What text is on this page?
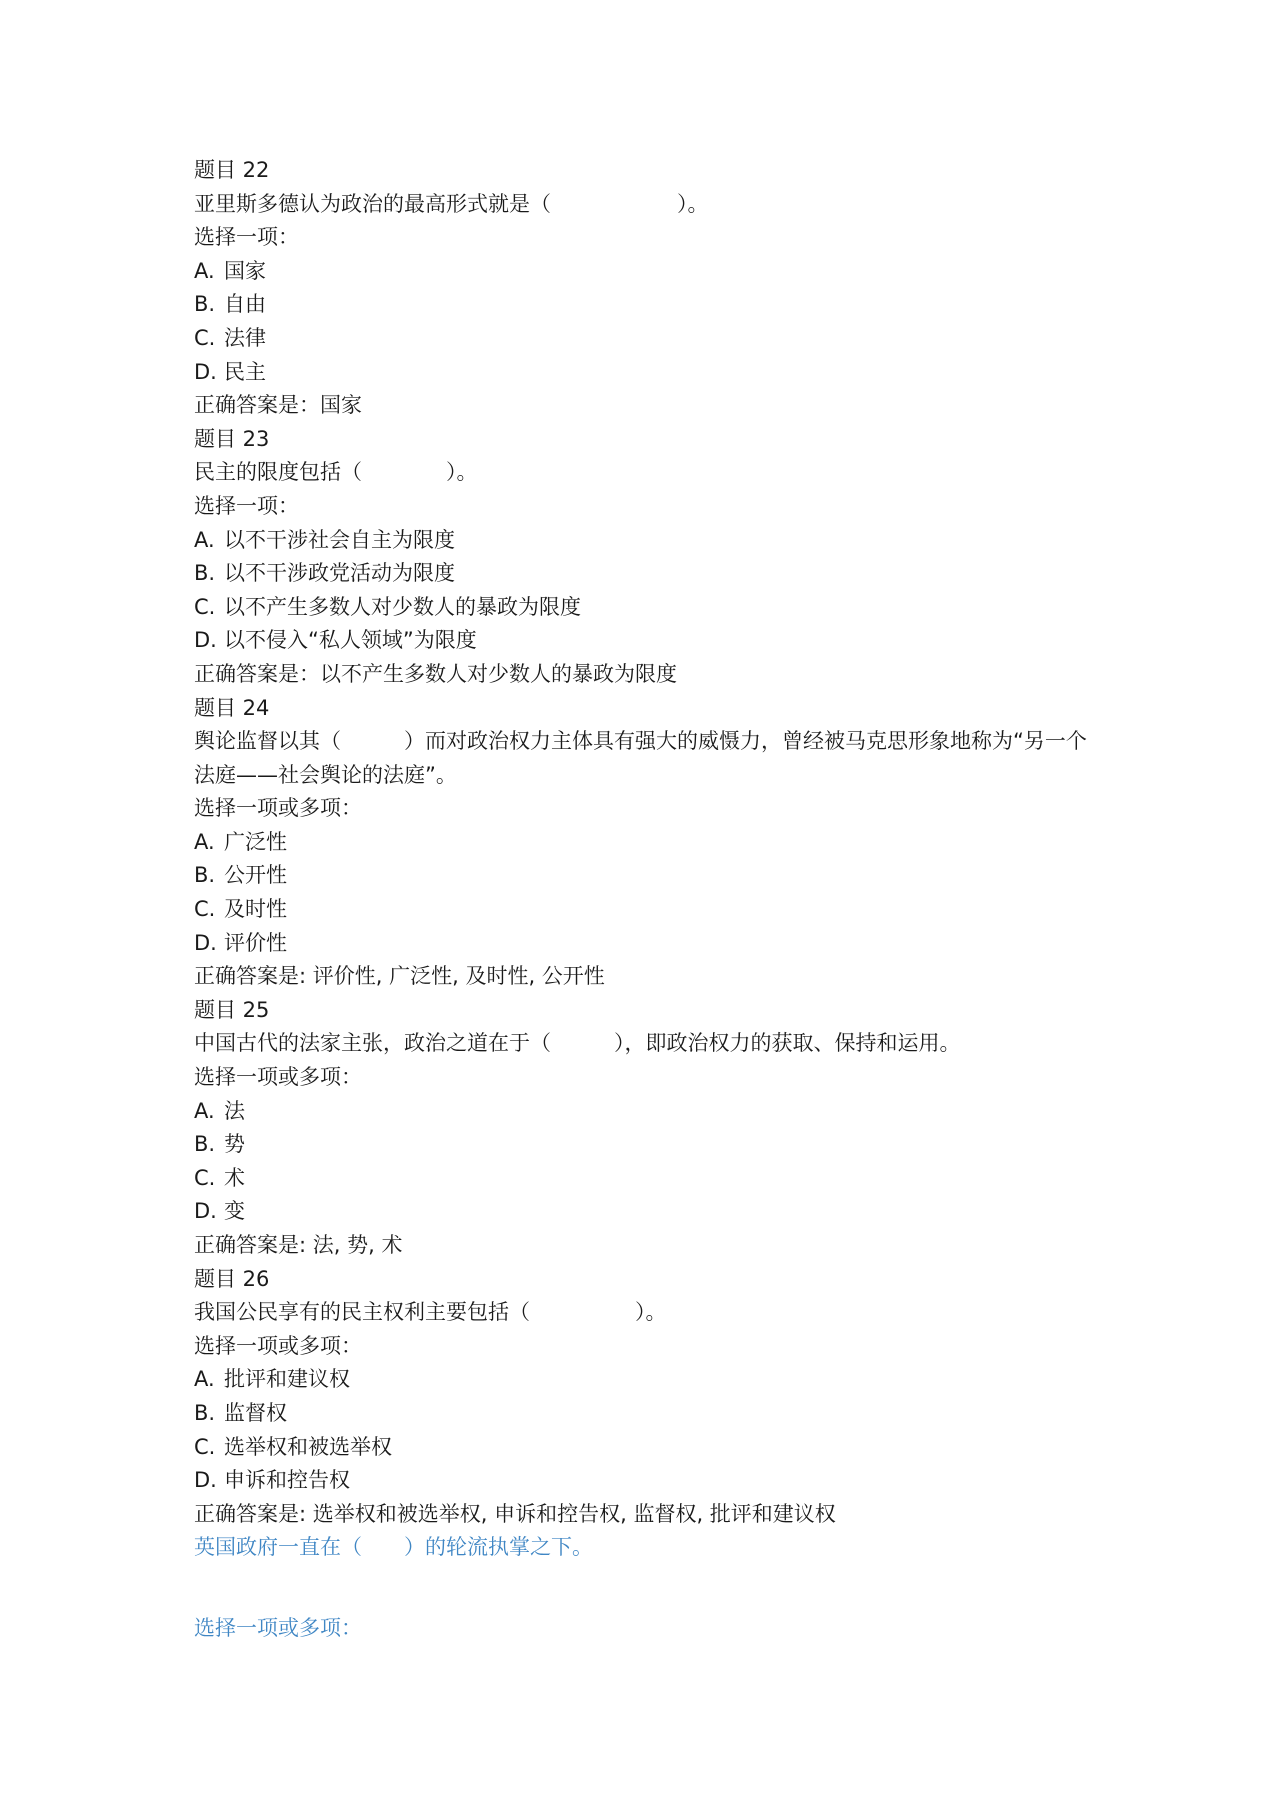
题目 22
亚里斯多德认为政治的最高形式就是（　　　　　　）。
选择一项：
A. 国家
B. 自由
C. 法律
D. 民主
正确答案是：国家
题目 23
民主的限度包括（　　　　）。
选择一项：
A. 以不干涉社会自主为限度
B. 以不干涉政党活动为限度
C. 以不产生多数人对少数人的暴政为限度
D. 以不侵入“私人领域”为限度
正确答案是：以不产生多数人对少数人的暴政为限度
题目 24
舆论监督以其（　　　）而对政治权力主体具有强大的威慑力，曾经被马克思形象地称为“另一个法庭——社会舆论的法庭”。
选择一项或多项：
A. 广泛性
B. 公开性
C. 及时性
D. 评价性
正确答案是: 评价性, 广泛性, 及时性, 公开性
题目 25
中国古代的法家主张，政治之道在于（　　　），即政治权力的获取、保持和运用。
选择一项或多项：
A. 法
B. 势
C. 术
D. 变
正确答案是: 法, 势, 术
题目 26
我国公民享有的民主权利主要包括（　　　　　）。
选择一项或多项：
A. 批评和建议权
B. 监督权
C. 选举权和被选举权
D. 申诉和控告权
正确答案是: 选举权和被选举权, 申诉和控告权, 监督权, 批评和建议权
英国政府一直在（　　）的轮流执掌之下。
选择一项或多项：
